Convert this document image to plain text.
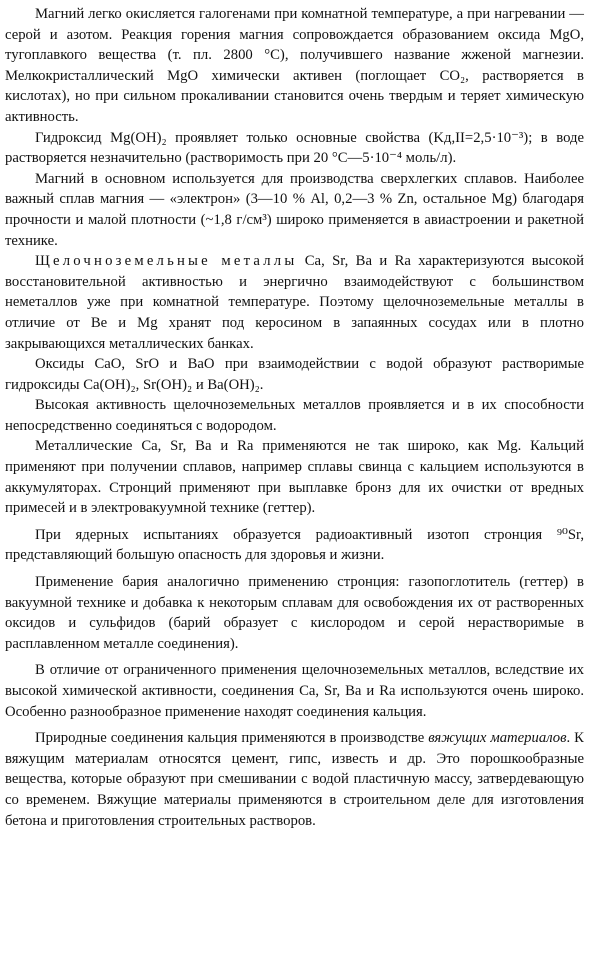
Магний легко окисляется галогенами при комнатной температуре, а при нагревании — серой и азотом. Реакция горения магния сопровождается образованием оксида MgO, тугоплавкого вещества (т. пл. 2800 °C), получившего название жженой магнезии. Мелкокристаллический MgO химически активен (поглощает CO₂, растворяется в кислотах), но при сильном прокаливании становится очень твердым и теряет химическую активность.

Гидроксид Mg(OH)₂ проявляет только основные свойства (Kд,II=2,5·10⁻³); в воде растворяется незначительно (растворимость при 20 °C—5·10⁻⁴ моль/л).

Магний в основном используется для производства сверхлегких сплавов. Наиболее важный сплав магния — «электрон» (3—10 % Al, 0,2—3 % Zn, остальное Mg) благодаря прочности и малой плотности (~1,8 г/см³) широко применяется в авиастроении и ракетной технике.

Щелочноземельные металлы Ca, Sr, Ba и Ra характеризуются высокой восстановительной активностью и энергично взаимодействуют с большинством неметаллов уже при комнатной температуре. Поэтому щелочноземельные металлы в отличие от Be и Mg хранят под керосином в запаянных сосудах или в плотно закрывающихся металлических банках.

Оксиды CaO, SrO и BaO при взаимодействии с водой образуют растворимые гидроксиды Ca(OH)₂, Sr(OH)₂ и Ba(OH)₂.

Высокая активность щелочноземельных металлов проявляется и в их способности непосредственно соединяться с водородом.

Металлические Ca, Sr, Ba и Ra применяются не так широко, как Mg. Кальций применяют при получении сплавов, например сплавы свинца с кальцием используются в аккумуляторах. Стронций применяют при выплавке бронз для их очистки от вредных примесей и в электровакуумной технике (геттер).

При ядерных испытаниях образуется радиоактивный изотоп стронция ⁹⁰Sr, представляющий большую опасность для здоровья и жизни.

Применение бария аналогично применению стронция: газопоглотитель (геттер) в вакуумной технике и добавка к некоторым сплавам для освобождения их от растворенных оксидов и сульфидов (барий образует с кислородом и серой нерастворимые в расплавленном металле соединения).

В отличие от ограниченного применения щелочноземельных металлов, вследствие их высокой химической активности, соединения Ca, Sr, Ba и Ra используются очень широко. Особенно разнообразное применение находят соединения кальция.

Природные соединения кальция применяются в производстве вяжущих материалов. К вяжущим материалам относятся цемент, гипс, известь и др. Это порошкообразные вещества, которые образуют при смешивании с водой пластичную массу, затвердевающую со временем. Вяжущие материалы применяются в строительном деле для изготовления бетона и приготовления строительных растворов.
